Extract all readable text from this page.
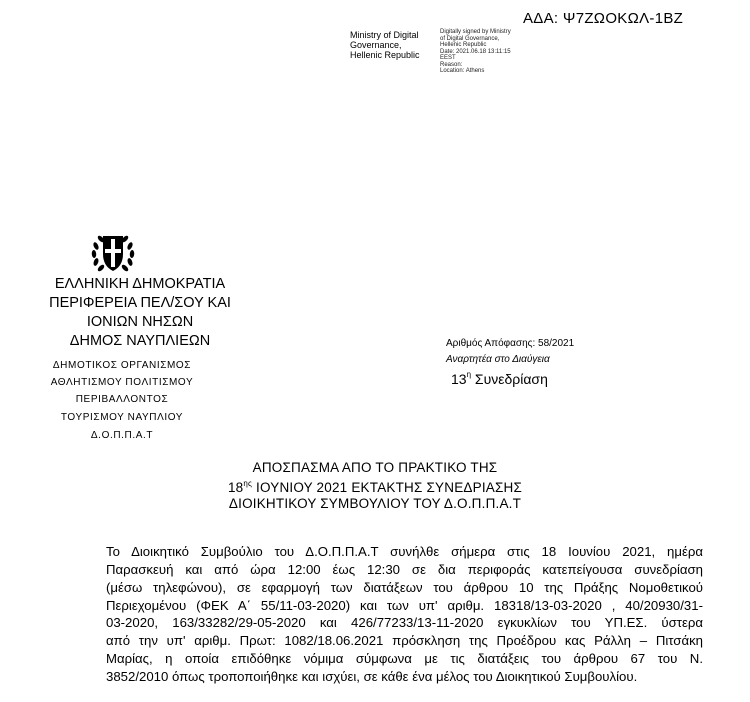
Ministry of Digital
Governance,
Hellenic Republic
Digitally signed by Ministry
of Digital Governance,
Hellenic Republic
Date: 2021.06.18 13:11:15
EEST
Reason:
Location: Athens
ΑΔΑ: Ψ7ΖΩΟΚΩΛ-1ΒΖ
ΕΛΛΗΝΙΚΗ ΔΗΜΟΚΡΑΤΙΑ
ΠΕΡΙΦΕΡΕΙΑ ΠΕΛ/ΣΟΥ ΚΑΙ
ΙΟΝΙΩΝ ΝΗΣΩΝ
ΔΗΜΟΣ ΝΑΥΠΛΙΕΩΝ
ΔΗΜΟΤΙΚΟΣ ΟΡΓΑΝΙΣΜΟΣ
ΑΘΛΗΤΙΣΜΟΥ ΠΟΛΙΤΙΣΜΟΥ
ΠΕΡΙΒΑΛΛΟΝΤΟΣ
ΤΟΥΡΙΣΜΟΥ ΝΑΥΠΛΙΟΥ
Δ.Ο.Π.Π.Α.Τ
Αριθμός Απόφασης: 58/2021
Αναρτητέα στο Διαύγεια
$13^\eta$ Συνεδρίαση
ΑΠΟΣΠΑΣΜΑ ΑΠΟ ΤΟ ΠΡΑΚΤΙΚΟ ΤΗΣ
$18^{\eta\varsigma}$ ΙΟΥΝΙΟΥ 2021 ΕΚΤΑΚΤΗΣ ΣΥΝΕΔΡΙΑΣΗΣ
ΔΙΟΙΚΗΤΙΚΟΥ ΣΥΜΒΟΥΛΙΟΥ ΤΟΥ Δ.Ο.Π.Π.Α.Τ
Το Διοικητικό Συμβούλιο του Δ.Ο.Π.Π.Α.Τ συνήλθε σήμερα στις 18 Ιουνίου 2021, ημέρα
Παρασκευή και από ώρα 12:00 έως 12:30 σε δια περιφοράς κατεπείγουσα συνεδρίαση
(μέσω τηλεφώνου), σε εφαρμογή των διατάξεων του άρθρου 10 της Πράξης Νομοθετικού
Περιεχομένου (ΦΕΚ Α΄ 55/11-03-2020) και των υπ' αριθμ. 18318/13-03-2020 , 40/20930/31-
03-2020, 163/33282/29-05-2020 και 426/77233/13-11-2020 εγκυκλίων του ΥΠ.ΕΣ. ύστερα
από την υπ' αριθμ. Πρωτ: 1082/18.06.2021 πρόσκληση της Προέδρου κας Ράλλη – Πιτσάκη
Μαρίας, η οποία επιδόθηκε νόμιμα σύμφωνα με τις διατάξεις του άρθρου 67 του Ν.
3852/2010 όπως τροποποιήθηκε και ισχύει, σε κάθε ένα μέλος του Διοικητικού Συμβουλίου.
